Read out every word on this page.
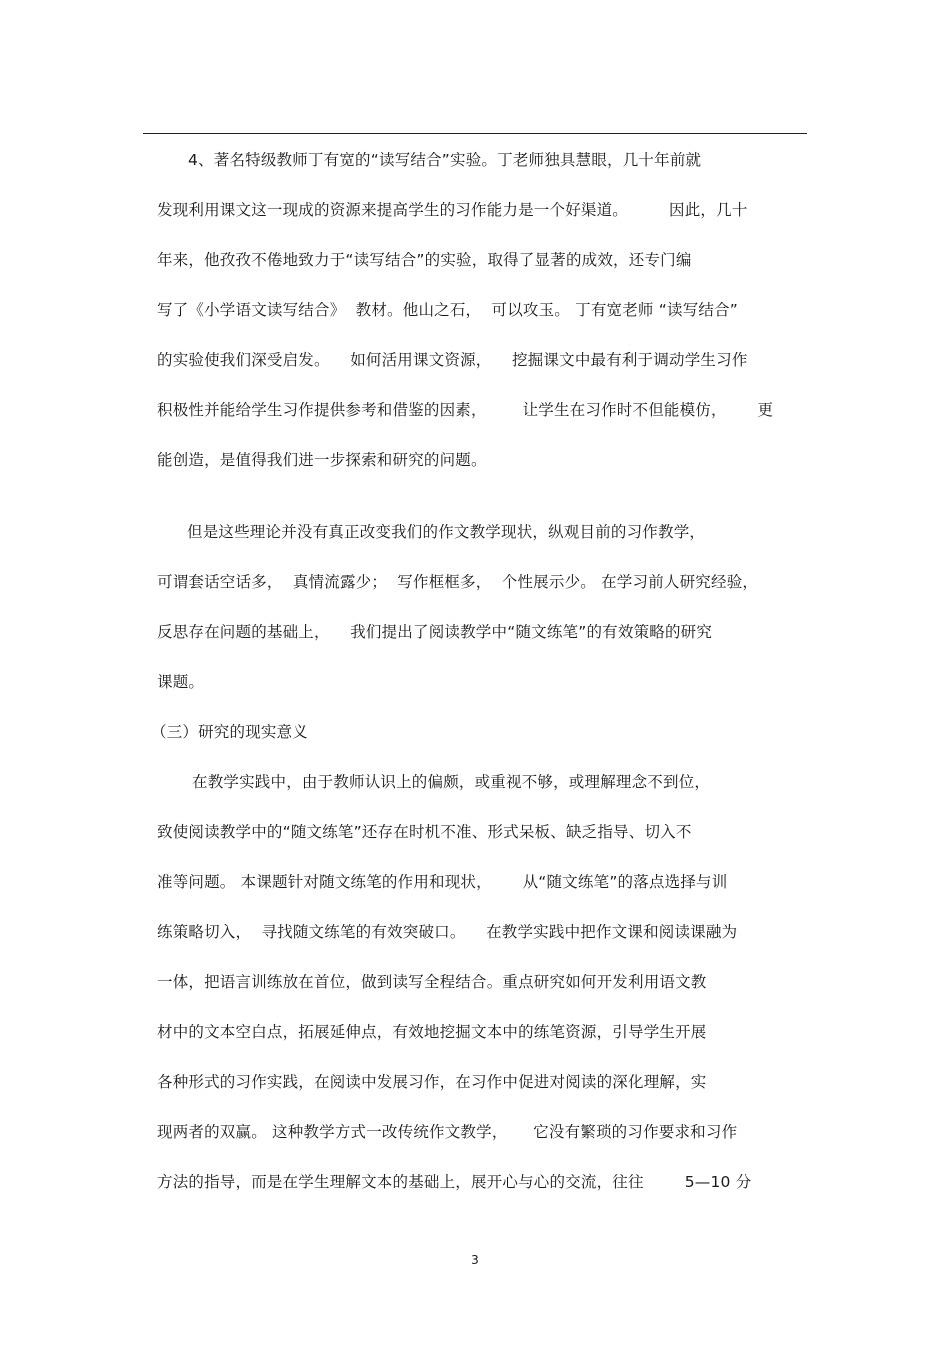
4、著名特级教师丁有宽的“读写结合”实验。丁老师独具慧眼，几十年前就
发现利用课文这一现成的资源来提高学生的习作能力是一个好渠道。        因此，几十
年来，他孜孜不倦地致力于“读写结合”的实验，取得了显著的成效，还专门编
写了《小学语文读写结合》  教材。他山之石，  可以攻玉。 丁有宽老师 “读写结合”
的实验使我们深受启发。    如何活用课文资源，    挖掘课文中最有利于调动学生习作
积极性并能给学生习作提供参考和借鉴的因素，       让学生在习作时不但能模仿，      更
能创造，是值得我们进一步探索和研究的问题。
但是这些理论并没有真正改变我们的作文教学现状，纵观目前的习作教学，
可谓套话空话多，  真情流露少；  写作框框多，  个性展示少。 在学习前人研究经验，
反思存在问题的基础上，    我们提出了阅读教学中“随文练笔”的有效策略的研究
课题。
（三）研究的现实意义
在教学实践中，由于教师认识上的偏颇，或重视不够，或理解理念不到位，
致使阅读教学中的“随文练笔”还存在时机不准、形式呆板、缺乏指导、切入不
准等问题。 本课题针对随文练笔的作用和现状，      从“随文练笔”的落点选择与训
练策略切入，  寻找随文练笔的有效突破口。    在教学实践中把作文课和阅读课融为
一体，把语言训练放在首位，做到读写全程结合。重点研究如何开发利用语文教
材中的文本空白点，拓展延伸点，有效地挖掘文本中的练笔资源，引导学生开展
各种形式的习作实践，在阅读中发展习作，在习作中促进对阅读的深化理解，实
现两者的双赢。 这种教学方式一改传统作文教学，     它没有繁琐的习作要求和习作
方法的指导，而是在学生理解文本的基础上，展开心与心的交流，往往        5—10 分
3
